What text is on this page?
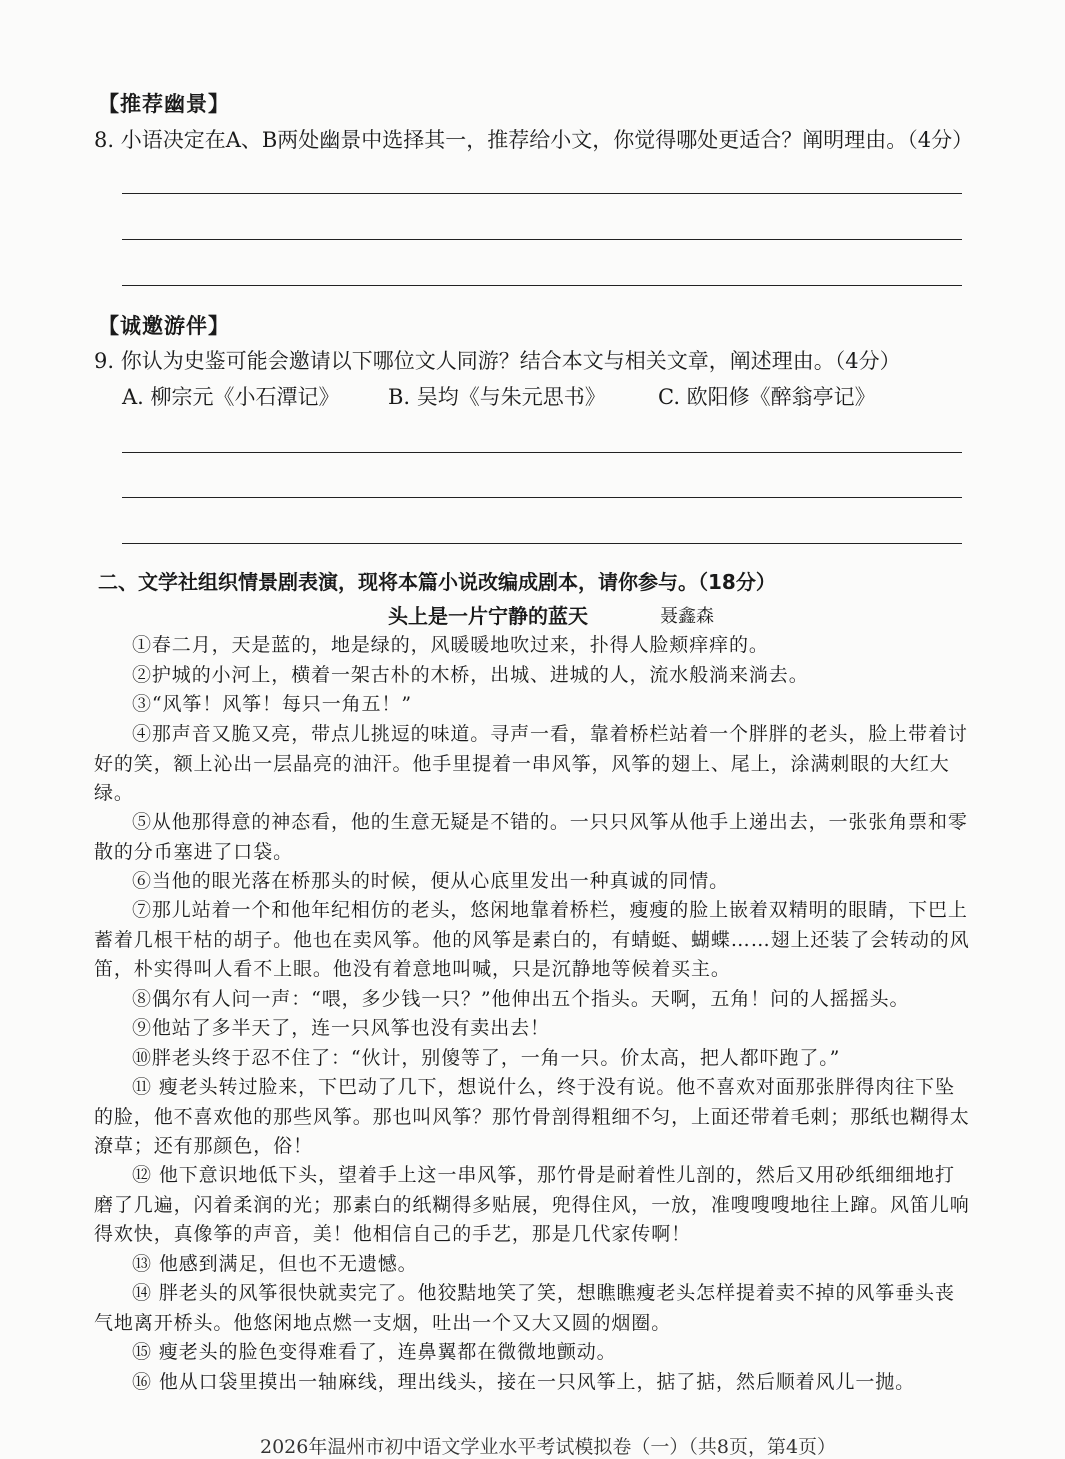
【推荐幽景】
8. 小语决定在A、B两处幽景中选择其一，推荐给小文，你觉得哪处更适合？阐明理由。（4分）
【诚邀游伴】
9. 你认为史鉴可能会邀请以下哪位文人同游？结合本文与相关文章，阐述理由。（4分）
A. 柳宗元《小石潭记》 B. 吴均《与朱元思书》 C. 欧阳修《醉翁亭记》
二、文学社组织情景剧表演，现将本篇小说改编成剧本，请你参与。（18分）
头上是一片宁静的蓝天	聂鑫森

①春二月，天是蓝的，地是绿的，风暖暖地吹过来，扑得人脸颊痒痒的。

②护城的小河上，横着一架古朴的木桥，出城、进城的人，流水般淌来淌去。

③“风筝！风筝！每只一角五！”

④那声音又脆又亮，带点儿挑逗的味道。寻声一看，靠着桥栏站着一个胖胖的老头，脸上带着讨好的笑，额上沁出一层晶亮的油汗。他手里提着一串风筝，风筝的翅上、尾上，涂满刺眼的大红大绿。

⑤从他那得意的神态看，他的生意无疑是不错的。一只只风筝从他手上递出去，一张张角票和零散的分币塞进了口袋。

⑥当他的眼光落在桥那头的时候，便从心底里发出一种真诚的同情。

⑦那儿站着一个和他年纪相仿的老头，悠闲地靠着桥栏，瘦瘦的脸上嵌着双精明的眼睛，下巴上蓄着几根干枯的胡子。他也在卖风筝。他的风筝是素白的，有蜻蜓、蝴蝶……翅上还装了会转动的风笛，朴实得叫人看不上眼。他没有着意地叫喊，只是沉静地等候着买主。

⑧偶尔有人问一声：“喂，多少钱一只？”他伸出五个指头。天啊，五角！问的人摇摇头。

⑨他站了多半天了，连一只风筝也没有卖出去！

⑩胖老头终于忍不住了：“伙计，别傻等了，一角一只。价太高，把人都吓跑了。”

⑪ 瘦老头转过脸来，下巴动了几下，想说什么，终于没有说。他不喜欢对面那张胖得肉往下坠的脸，他不喜欢他的那些风筝。那也叫风筝？那竹骨剖得粗细不匀，上面还带着毛刺；那纸也糊得太潦草；还有那颜色，俗！

⑫ 他下意识地低下头，望着手上这一串风筝，那竹骨是耐着性儿剖的，然后又用砂纸细细地打磨了几遍，闪着柔润的光；那素白的纸糊得多贴展，兜得住风，一放，准嗖嗖嗖地往上蹿。风笛儿响得欢快，真像筝的声音，美！他相信自己的手艺，那是几代家传啊！

⑬ 他感到满足，但也不无遗憾。

⑭ 胖老头的风筝很快就卖完了。他狡黠地笑了笑，想瞧瞧瘦老头怎样提着卖不掉的风筝垂头丧气地离开桥头。他悠闲地点燃一支烟，吐出一个又大又圆的烟圈。

⑮ 瘦老头的脸色变得难看了，连鼻翼都在微微地颤动。

⑯ 他从口袋里摸出一轴麻线，理出线头，接在一只风筝上，掂了掂，然后顺着风儿一抛。

2026年温州市初中语文学业水平考试模拟卷（一）（共8页，第4页）
